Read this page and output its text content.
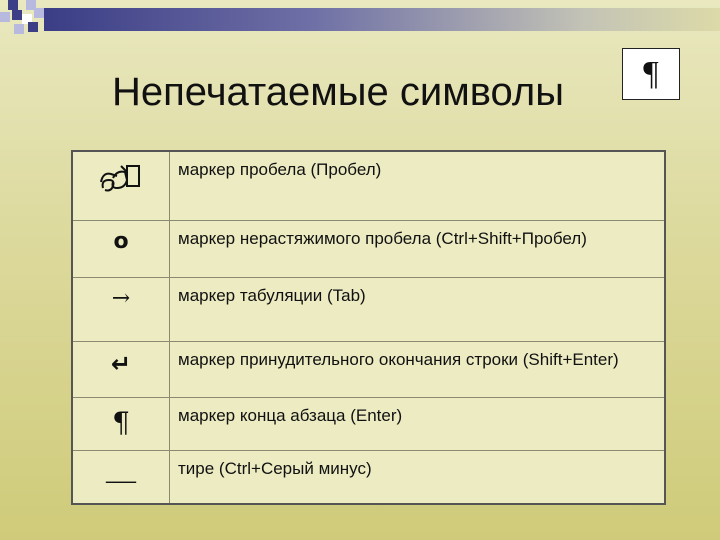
Непечатаемые символы	¶
	маркер пробела (Пробел)

o	маркер нерастяжимого пробела (Ctrl+Shift+Пробел)

→	маркер табуляции (Tab)

↵	маркер принудительного окончания строки (Shift+Enter)

¶	маркер конца абзаца (Enter)

___	тире (Ctrl+Серый минус)
